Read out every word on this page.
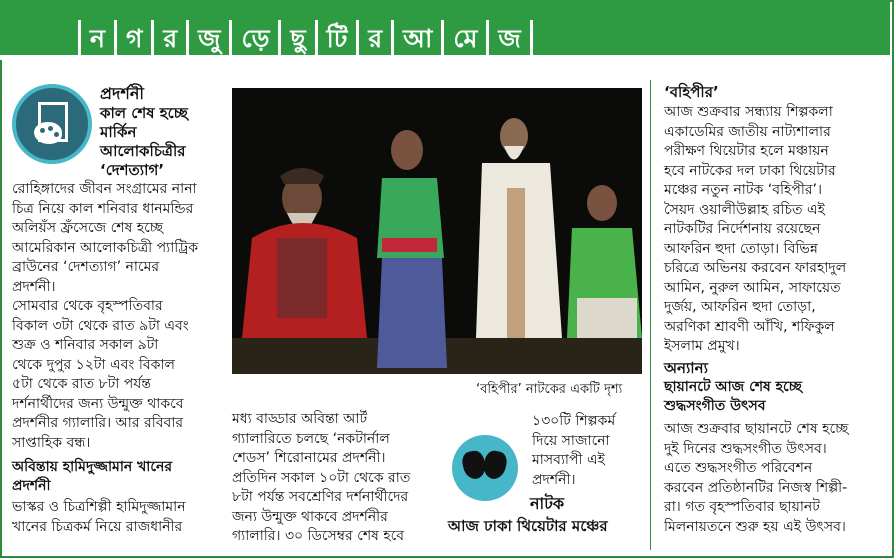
ন গ র জু ড়ে ছু টি র আ মে জ
প্রদর্শনী
কাল শেষ হচ্ছে
মার্কিন
আলোকচিত্রীর
‘দেশত্যাগ’
রোহিঙ্গাদের জীবন সংগ্রামের নানা
চিত্র নিয়ে কাল শনিবার ধানমন্ডির
অলিয়ঁস ফ্রঁসেজে শেষ হচ্ছে
আমেরিকান আলোকচিত্রী প্যাট্রিক
ব্রাউনের ‘দেশত্যাগ’ নামের
প্রদর্শনী।
সোমবার থেকে বৃহস্পতিবার
বিকাল ৩টা থেকে রাত ৯টা এবং
শুক্র ও শনিবার সকাল ৯টা
থেকে দুপুর ১২টা এবং বিকাল
৫টা থেকে রাত ৮টা পর্যন্ত
দর্শনার্থীদের জন্য উন্মুক্ত থাকবে
প্রদর্শনীর গ্যালারি। আর রবিবার
সাপ্তাহিক বন্ধ।
অবিন্তায় হামিদুজ্জামান খানের
প্রদর্শনী
ভাস্কর ও চিত্রশিল্পী হামিদুজ্জামান
খানের চিত্রকর্ম নিয়ে রাজধানীর
‘বহিপীর’ নাটকের একটি দৃশ্য
মধ্য বাড্ডার অবিন্তা আর্ট
গ্যালারিতে চলছে ‘নকটার্নাল
শেডস’ শিরোনামের প্রদর্শনী।
প্রতিদিন সকাল ১০টা থেকে রাত
৮টা পর্যন্ত সবশ্রেণির দর্শনার্থীদের
জন্য উন্মুক্ত থাকবে প্রদর্শনীর
গ্যালারি। ৩০ ডিসেম্বর শেষ হবে
১৩০টি শিল্পকর্ম
দিয়ে সাজানো
মাসব্যাপী এই
প্রদর্শনী।
নাটক
আজ ঢাকা থিয়েটার মঞ্চের
‘বহিপীর’
আজ শুক্রবার সন্ধ্যায় শিল্পকলা
একাডেমির জাতীয় নাট্যশালার
পরীক্ষণ থিয়েটার হলে মঞ্চায়ন
হবে নাটকের দল ঢাকা থিয়েটার
মঞ্চের নতুন নাটক ‘বহিপীর’।
সৈয়দ ওয়ালীউল্লাহ রচিত এই
নাটকটির নির্দেশনায় রয়েছেন
আফরিন হুদা তোড়া। বিভিন্ন
চরিত্রে অভিনয় করবেন ফারহাদুল
আমিন, নুরুল আমিন, সাফায়েত
দুর্জয়, আফরিন হুদা তোড়া,
অরণিকা শ্রাবণী আঁখি, শফিকুল
ইসলাম প্রমুখ।
অন্যান্য
ছায়ানটে আজ শেষ হচ্ছে
শুদ্ধসংগীত উৎসব
আজ শুক্রবার ছায়ানটে শেষ হচ্ছে
দুই দিনের শুদ্ধসংগীত উৎসব।
এতে শুদ্ধসংগীত পরিবেশন
করবেন প্রতিষ্ঠানটির নিজস্ব শিল্পী-
রা। গত বৃহস্পতিবার ছায়ানট
মিলনায়তনে শুরু হয় এই উৎসব।
